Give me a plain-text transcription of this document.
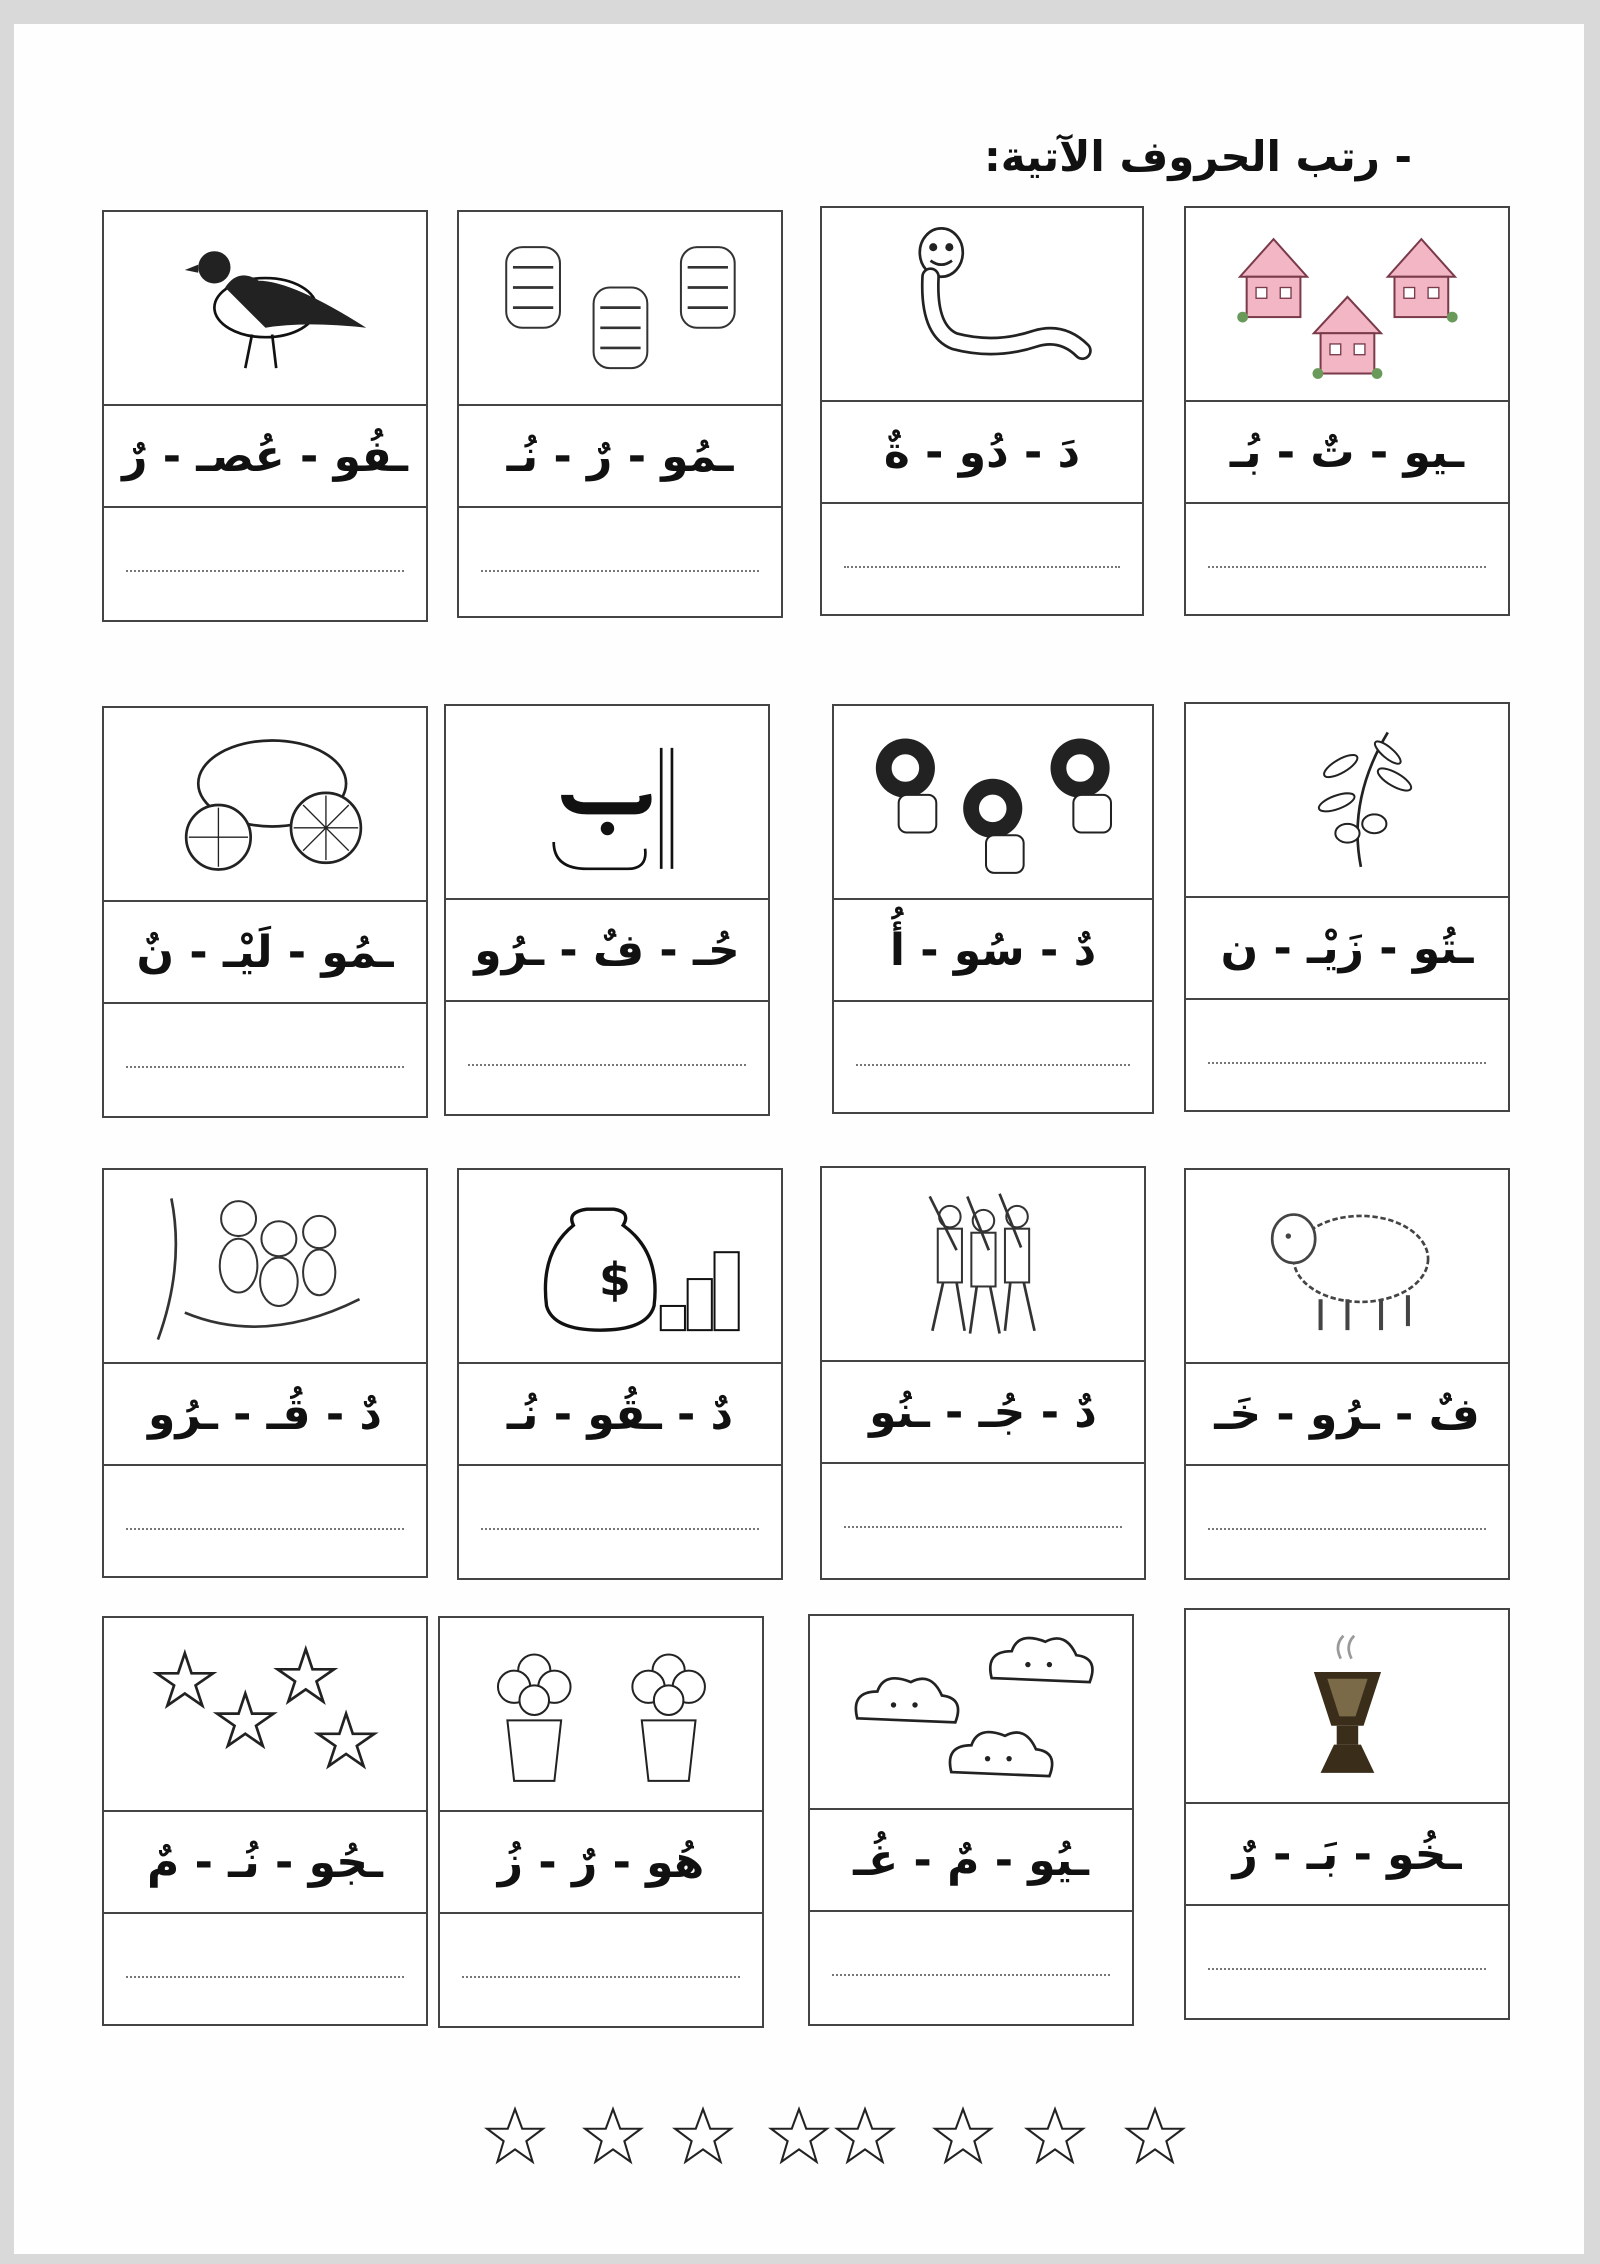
- رتب الحروف الآتية:
ـيو - تٌ - بُـ
دَ - دُو - ةٌ
ـمُو - رٌ - نُـ
ـفُو - عُصـ - رٌ
ـتُو - زَيْـ - ن
دٌ - سُو - أُ
حُـ - فٌ - ـرُو
ـمُو - لَيْـ - نٌ
فٌ - ـرُو - خَـ
دٌ - جُـ - ـنُو
$
دٌ - ـقُو - نُـ
دٌ - قُـ - ـرُو
ـخُو - بَـ - رٌ
ـيُو - مٌ - غُـ
هُو - رٌ - زُ
ـجُو - نُـ - مٌ
